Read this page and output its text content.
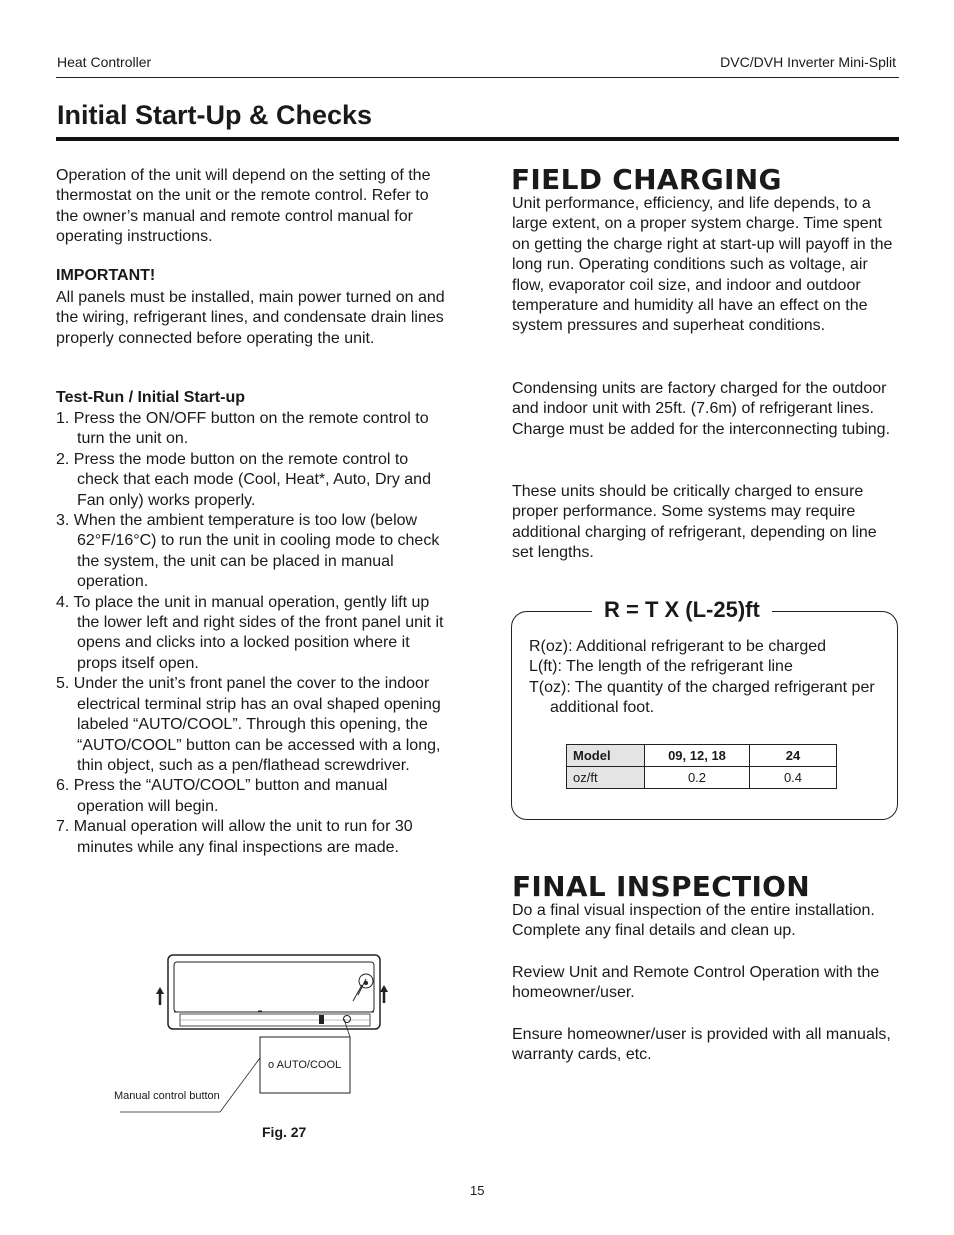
Heat Controller	DVC/DVH Inverter Mini-Split
Initial Start-Up & Checks
Operation of the unit will depend on the setting of the thermostat on the unit or the remote control. Refer to the owner’s manual and remote control manual for operating instructions.
IMPORTANT!
All panels must be installed, main power turned on and the wiring, refrigerant lines, and condensate drain lines properly connected before operating the unit.
Test-Run / Initial Start-up
1. Press the ON/OFF button on the remote control to turn the unit on.
2. Press the mode button on the remote control to check that each mode (Cool, Heat*, Auto, Dry and Fan only) works properly.
3. When the ambient temperature is too low (below 62°F/16°C) to run the unit in cooling mode to check the system, the unit can be placed in manual operation.
4. To place the unit in manual operation, gently lift up the lower left and right sides of the front panel unit it opens and clicks into a locked position where it props itself open.
5. Under the unit’s front panel the cover to the indoor electrical terminal strip has an oval shaped opening labeled “AUTO/COOL”. Through this opening, the “AUTO/COOL” button can be accessed with a long, thin object, such as a pen/flathead screwdriver.
6. Press the “AUTO/COOL” button and manual operation will begin.
7. Manual operation will allow the unit to run for 30 minutes while any final inspections are made.
o AUTO/COOL
Manual control button
Fig. 27
FIELD CHARGING
Unit performance, efficiency, and life depends, to a large extent, on a proper system charge. Time spent on getting the charge right at start-up will payoff in the long run. Operating conditions such as voltage, air flow, evaporator coil size, and indoor and outdoor temperature and humidity all have an effect on the system pressures and superheat conditions.
Condensing units are factory charged for the outdoor and indoor unit with 25ft. (7.6m) of refrigerant lines. Charge must be added for the interconnecting tubing.
These units should be critically charged to ensure proper performance. Some systems may require additional charging of refrigerant, depending on line set lengths.
R = T X (L-25)ft
R(oz): Additional refrigerant to be charged
L(ft): The length of the refrigerant line
T(oz): The quantity of the charged refrigerant per additional foot.
Model	09, 12, 18	24
oz/ft	0.2	0.4
FINAL INSPECTION
Do a final visual inspection of the entire installation. Complete any final details and clean up.
Review Unit and Remote Control Operation with the homeowner/user.
Ensure homeowner/user is provided with all manuals, warranty cards, etc.
15
